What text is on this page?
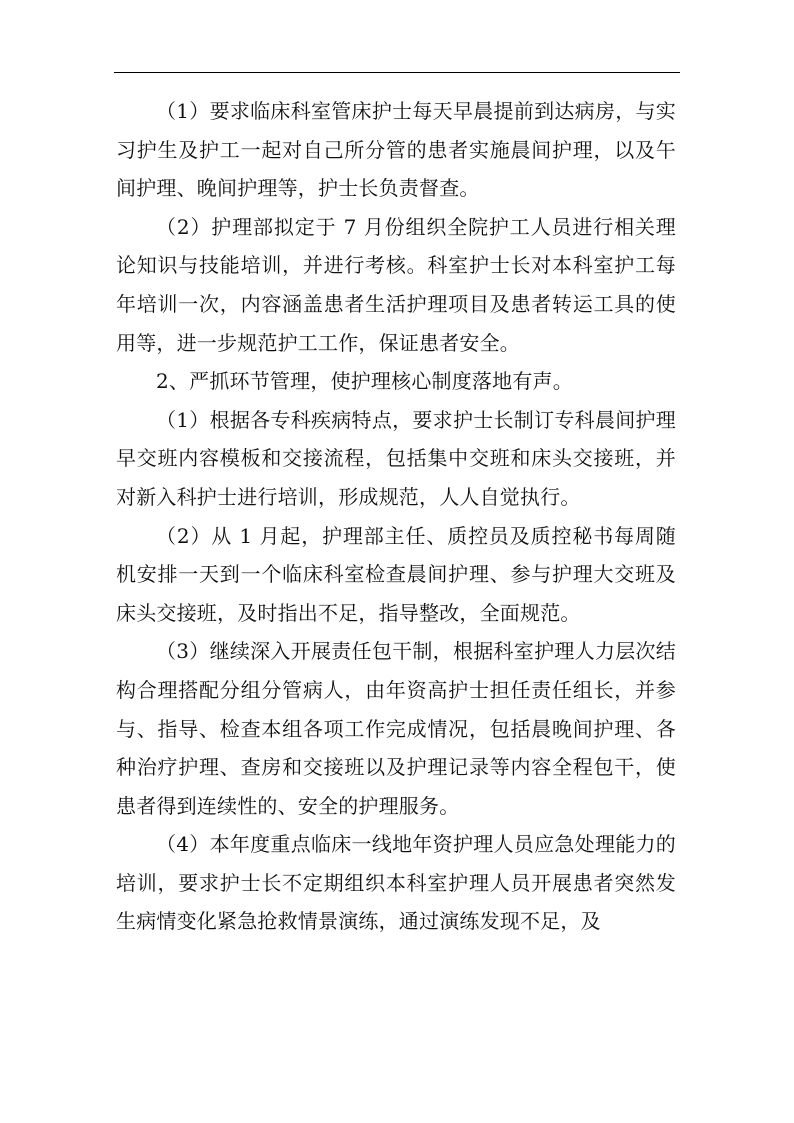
（1）要求临床科室管床护士每天早晨提前到达病房，与实习护生及护工一起对自己所分管的患者实施晨间护理，以及午间护理、晚间护理等，护士长负责督查。

（2）护理部拟定于 7 月份组织全院护工人员进行相关理论知识与技能培训，并进行考核。科室护士长对本科室护工每年培训一次，内容涵盖患者生活护理项目及患者转运工具的使用等，进一步规范护工工作，保证患者安全。

2、严抓环节管理，使护理核心制度落地有声。

（1）根据各专科疾病特点，要求护士长制订专科晨间护理早交班内容模板和交接流程，包括集中交班和床头交接班，并对新入科护士进行培训，形成规范，人人自觉执行。

（2）从 1 月起，护理部主任、质控员及质控秘书每周随机安排一天到一个临床科室检查晨间护理、参与护理大交班及床头交接班，及时指出不足，指导整改，全面规范。

（3）继续深入开展责任包干制，根据科室护理人力层次结构合理搭配分组分管病人，由年资高护士担任责任组长，并参与、指导、检查本组各项工作完成情况，包括晨晚间护理、各种治疗护理、查房和交接班以及护理记录等内容全程包干，使患者得到连续性的、安全的护理服务。

（4）本年度重点临床一线地年资护理人员应急处理能力的培训，要求护士长不定期组织本科室护理人员开展患者突然发生病情变化紧急抢救情景演练，通过演练发现不足，及
